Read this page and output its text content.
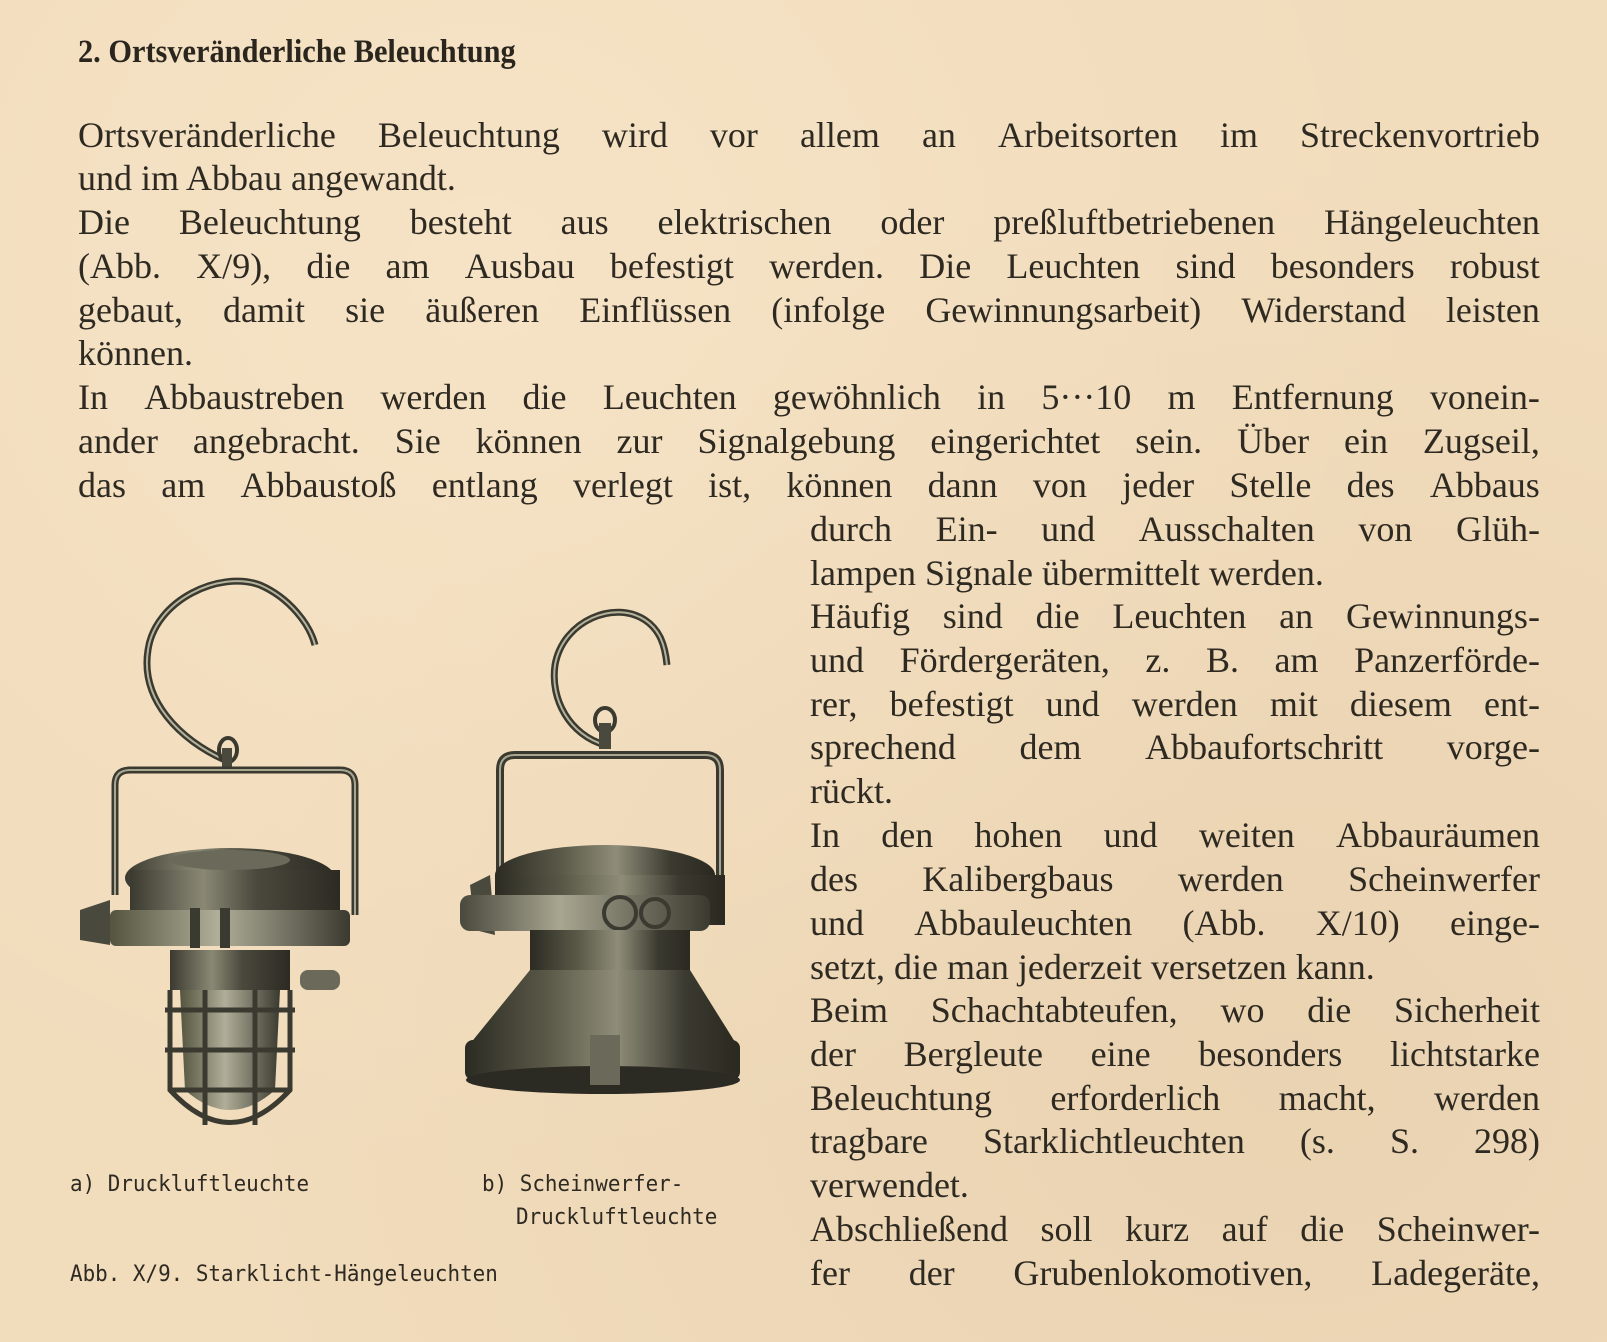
2. Ortsveränderliche Beleuchtung
Ortsveränderliche Beleuchtung wird vor allem an Arbeitsorten im Streckenvortrieb
und im Abbau angewandt.
Die Beleuchtung besteht aus elektrischen oder preßluftbetriebenen Hängeleuchten
(Abb. X/9), die am Ausbau befestigt werden. Die Leuchten sind besonders robust
gebaut, damit sie äußeren Einflüssen (infolge Gewinnungsarbeit) Widerstand leisten
können.
In Abbaustreben werden die Leuchten gewöhnlich in 5···10 m Entfernung vonein-
ander angebracht. Sie können zur Signalgebung eingerichtet sein. Über ein Zugseil,
das am Abbaustoß entlang verlegt ist, können dann von jeder Stelle des Abbaus
durch Ein- und Ausschalten von Glüh-
lampen Signale übermittelt werden.
Häufig sind die Leuchten an Gewinnungs-
und Fördergeräten, z. B. am Panzerförde-
rer, befestigt und werden mit diesem ent-
sprechend dem Abbaufortschritt vorge-
rückt.
In den hohen und weiten Abbauräumen
des Kalibergbaus werden Scheinwerfer
und Abbauleuchten (Abb. X/10) einge-
setzt, die man jederzeit versetzen kann.
Beim Schachtabteufen, wo die Sicherheit
der Bergleute eine besonders lichtstarke
Beleuchtung erforderlich macht, werden
tragbare Starklichtleuchten (s. S. 298)
verwendet.
Abschließend soll kurz auf die Scheinwer-
fer der Grubenlokomotiven, Ladegeräte,
a) Druckluftleuchte	b) Scheinwerfer-
Druckluftleuchte
Abb. X/9. Starklicht-Hängeleuchten
